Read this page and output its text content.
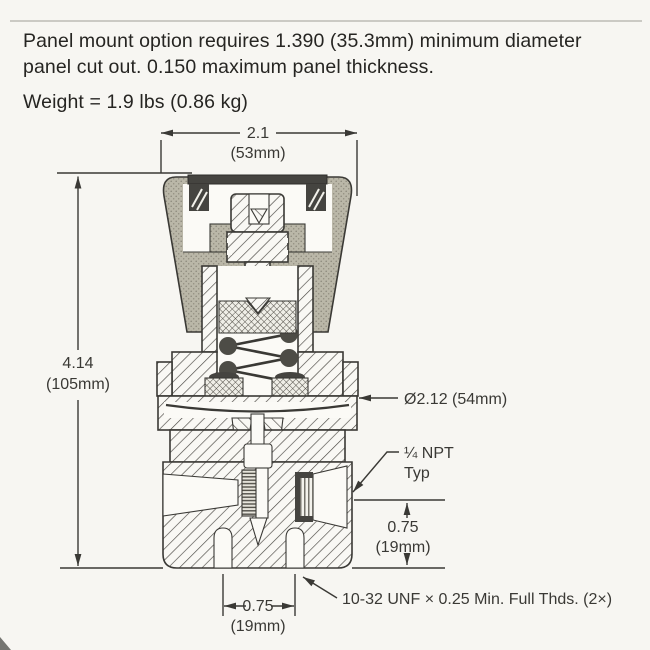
Panel mount option requires 1.390 (35.3mm) minimum diameter

panel cut out. 0.150 maximum panel thickness.

Weight = 1.9 lbs (0.86 kg)

2.1
(53mm)
4.14
(105mm)
Ø2.12 (54mm)
¼ NPT
Typ
0.75
(19mm)
0.75
(19mm)
10-32 UNF × 0.25 Min. Full Thds. (2×)
